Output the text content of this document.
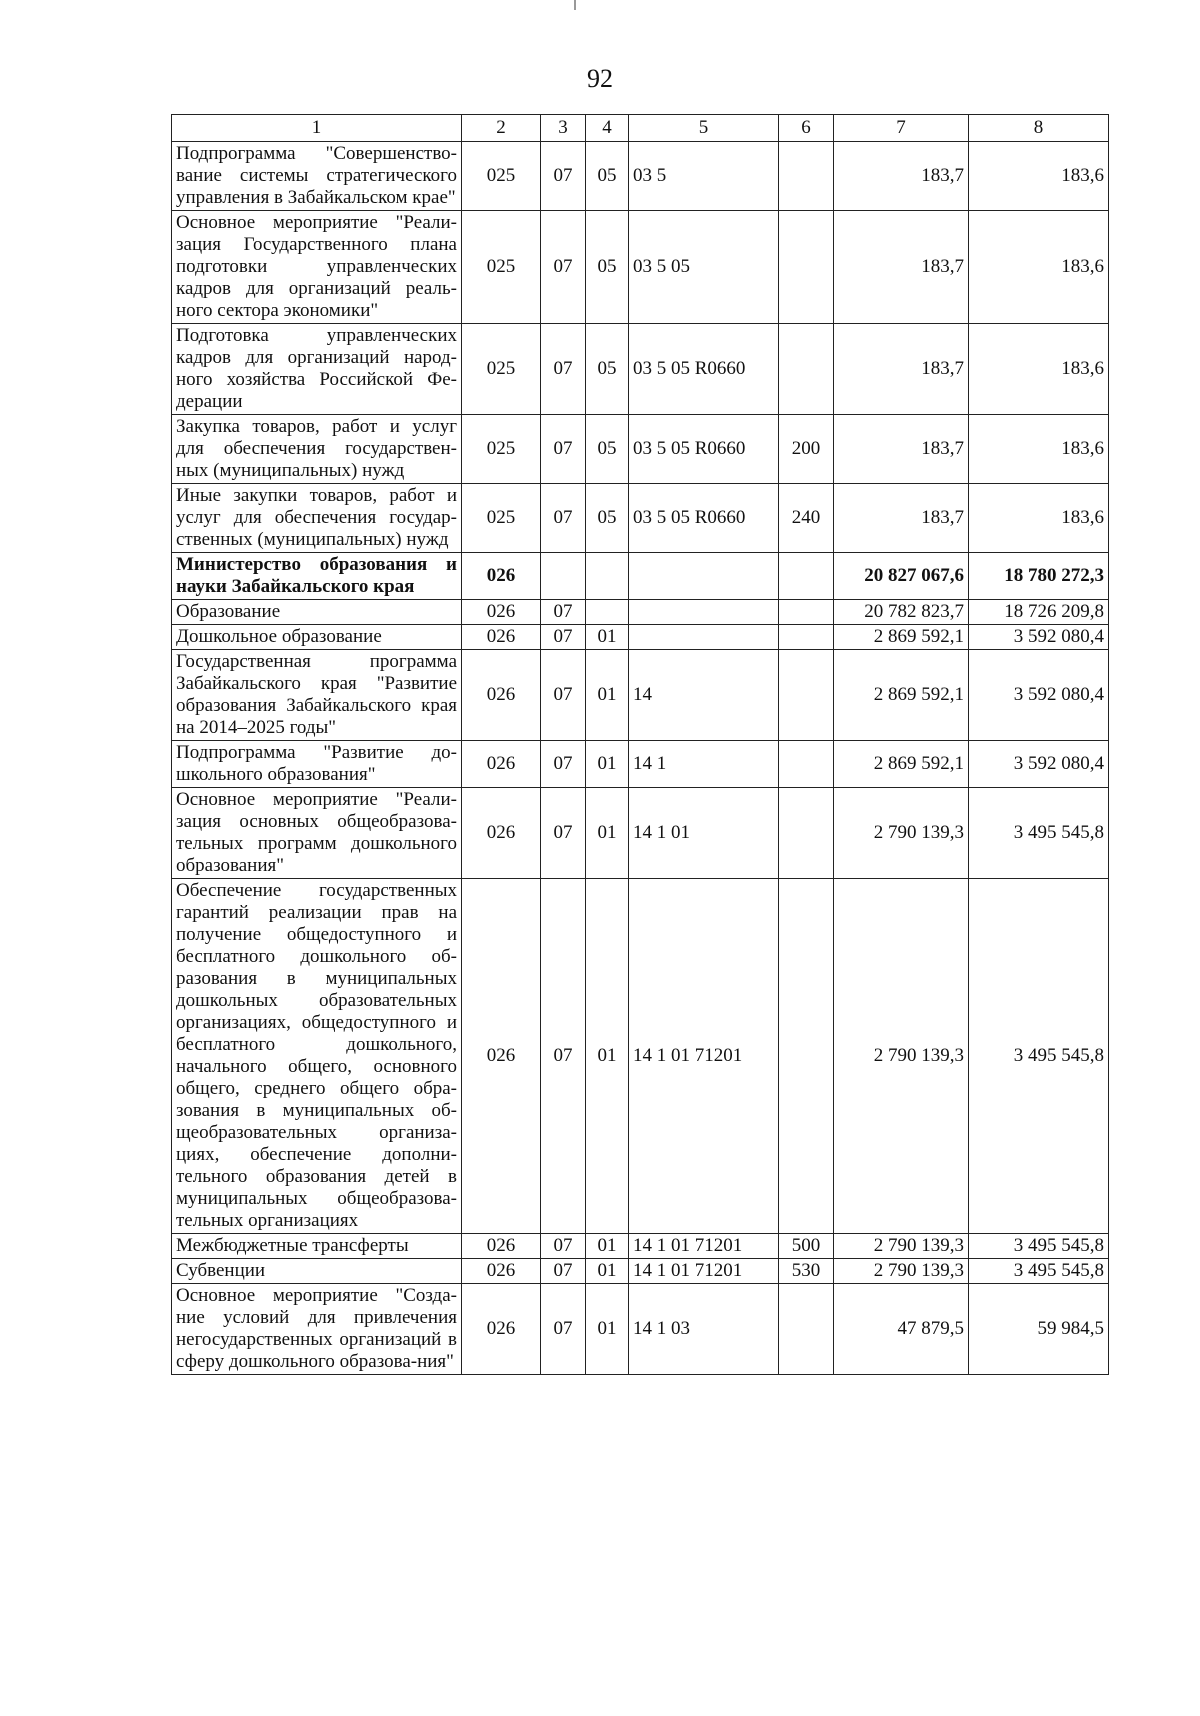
92
1	2	3	4	5	6	7	8
Подпрограмма "Совершенство-вание системы стратегического управления в Забайкальском крае"	025	07	05	03 5		183,7	183,6
Основное мероприятие "Реали-зация Государственного плана подготовки управленческих кадров для организаций реаль-ного сектора экономики"	025	07	05	03 5 05		183,7	183,6
Подготовка управленческих кадров для организаций народ-ного хозяйства Российской Фе-дерации	025	07	05	03 5 05 R0660		183,7	183,6
Закупка товаров, работ и услуг для обеспечения государствен-ных (муниципальных) нужд	025	07	05	03 5 05 R0660	200	183,7	183,6
Иные закупки товаров, работ и услуг для обеспечения государ-ственных (муниципальных) нужд	025	07	05	03 5 05 R0660	240	183,7	183,6
Министерство образования и науки Забайкальского края	026					20 827 067,6	18 780 272,3
Образование	026	07				20 782 823,7	18 726 209,8
Дошкольное образование	026	07	01			2 869 592,1	3 592 080,4
Государственная программа Забайкальского края "Развитие образования Забайкальского края на 2014–2025 годы"	026	07	01	14		2 869 592,1	3 592 080,4
Подпрограмма "Развитие до-школьного образования"	026	07	01	14 1		2 869 592,1	3 592 080,4
Основное мероприятие "Реали-зация основных общеобразова-тельных программ дошкольного образования"	026	07	01	14 1 01		2 790 139,3	3 495 545,8
Обеспечение государственных гарантий реализации прав на получение общедоступного и бесплатного дошкольного об-разования в муниципальных дошкольных образовательных организациях, общедоступного и бесплатного дошкольного, начального общего, основного общего, среднего общего обра-зования в муниципальных об-щеобразовательных организа-циях, обеспечение дополни-тельного образования детей в муниципальных общеобразова-тельных организациях	026	07	01	14 1 01 71201		2 790 139,3	3 495 545,8
Межбюджетные трансферты	026	07	01	14 1 01 71201	500	2 790 139,3	3 495 545,8
Субвенции	026	07	01	14 1 01 71201	530	2 790 139,3	3 495 545,8
Основное мероприятие "Созда-ние условий для привлечения негосударственных организаций в сферу дошкольного образова-ния"	026	07	01	14 1 03		47 879,5	59 984,5
